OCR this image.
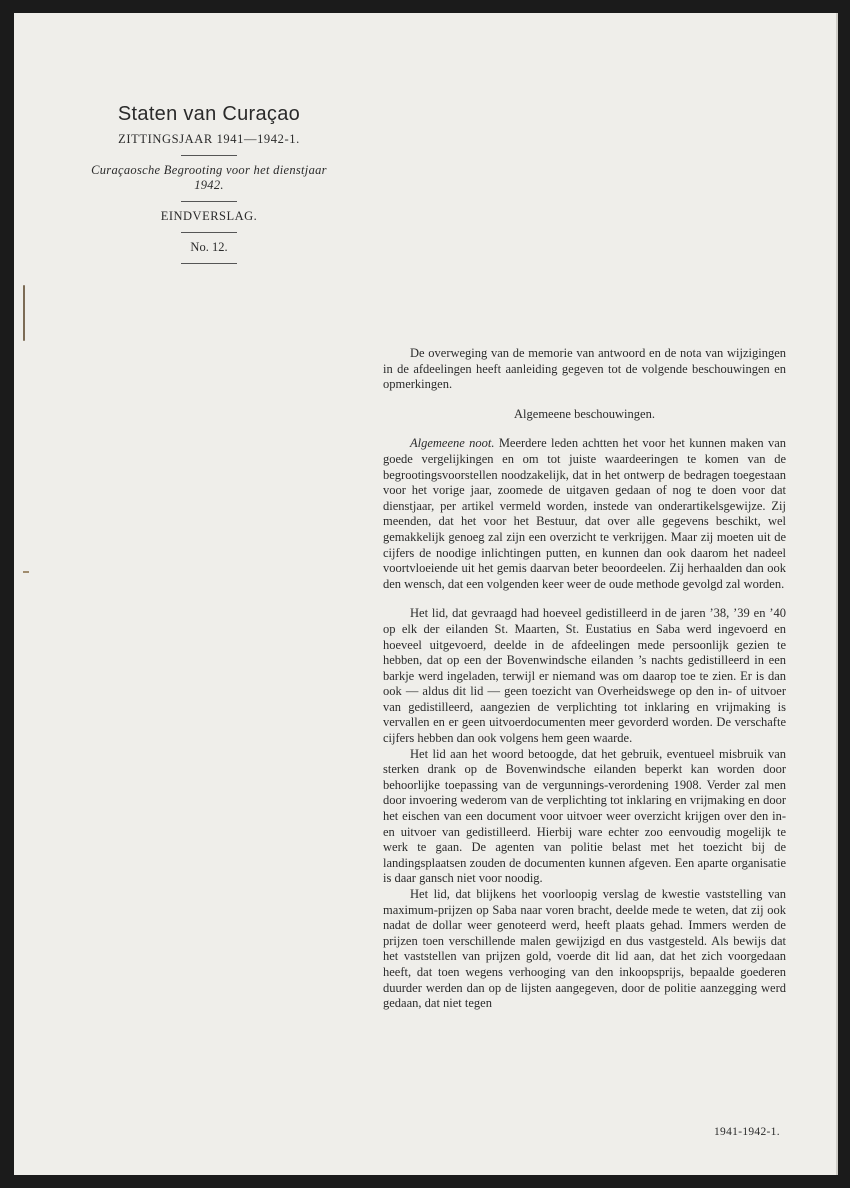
Staten van Curaçao

ZITTINGSJAAR 1941—1942-1.

Curaçaosche Begrooting voor het dienstjaar 1942.

EINDVERSLAG.

No. 12.

De overweging van de memorie van antwoord en de nota van wijzigingen in de afdeelingen heeft aanleiding gegeven tot de volgende beschouwingen en opmerkingen.

Algemeene beschouwingen.

Algemeene noot. Meerdere leden achtten het voor het kunnen maken van goede vergelijkingen en om tot juiste waardeeringen te komen van de begrootingsvoorstellen noodzakelijk, dat in het ontwerp de bedragen toegestaan voor het vorige jaar, zoomede de uitgaven gedaan of nog te doen voor dat dienstjaar, per artikel vermeld worden, instede van onderartikelsgewijze. Zij meenden, dat het voor het Bestuur, dat over alle gegevens beschikt, wel gemakkelijk genoeg zal zijn een overzicht te verkrijgen. Maar zij moeten uit de cijfers de noodige inlichtingen putten, en kunnen dan ook daarom het nadeel voortvloeiende uit het gemis daarvan beter beoordeelen. Zij herhaalden dan ook den wensch, dat een volgenden keer weer de oude methode gevolgd zal worden.

Het lid, dat gevraagd had hoeveel gedistilleerd in de jaren ’38, ’39 en ’40 op elk der eilanden St. Maarten, St. Eustatius en Saba werd ingevoerd en hoeveel uitgevoerd, deelde in de afdeelingen mede persoonlijk gezien te hebben, dat op een der Bovenwindsche eilanden ’s nachts gedistilleerd in een barkje werd ingeladen, terwijl er niemand was om daarop toe te zien. Er is dan ook — aldus dit lid — geen toezicht van Overheidswege op den in- of uitvoer van gedistilleerd, aangezien de verplichting tot inklaring en vrijmaking is vervallen en er geen uitvoerdocumenten meer gevorderd worden. De verschafte cijfers hebben dan ook volgens hem geen waarde.

Het lid aan het woord betoogde, dat het gebruik, eventueel misbruik van sterken drank op de Bovenwindsche eilanden beperkt kan worden door behoorlijke toepassing van de vergunnings-verordening 1908. Verder zal men door invoering wederom van de verplichting tot inklaring en vrijmaking en door het eischen van een document voor uitvoer weer overzicht krijgen over den in- en uitvoer van gedistilleerd. Hierbij ware echter zoo eenvoudig mogelijk te werk te gaan. De agenten van politie belast met het toezicht bij de landingsplaatsen zouden de documenten kunnen afgeven. Een aparte organisatie is daar gansch niet voor noodig.

Het lid, dat blijkens het voorloopig verslag de kwestie vaststelling van maximum-prijzen op Saba naar voren bracht, deelde mede te weten, dat zij ook nadat de dollar weer genoteerd werd, heeft plaats gehad. Immers werden de prijzen toen verschillende malen gewijzigd en dus vastgesteld. Als bewijs dat het vaststellen van prijzen gold, voerde dit lid aan, dat het zich voorgedaan heeft, dat toen wegens verhooging van den inkoopsprijs, bepaalde goederen duurder werden dan op de lijsten aangegeven, door de politie aanzegging werd gedaan, dat niet tegen

1941-1942-1.
